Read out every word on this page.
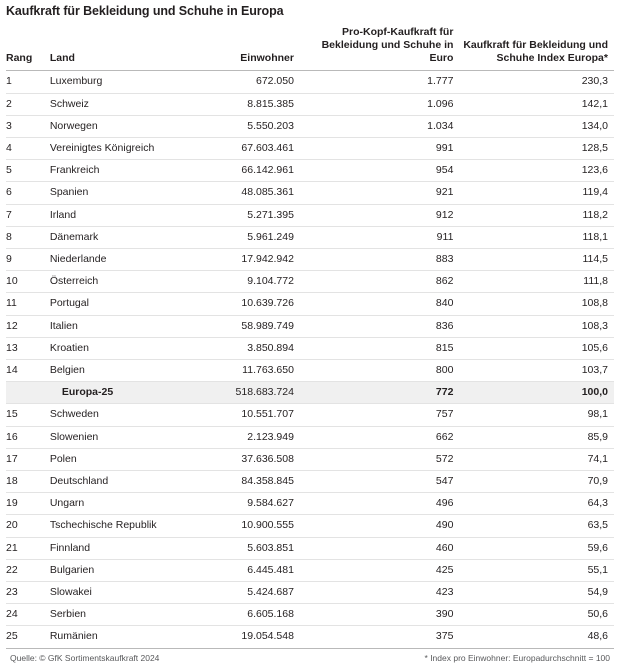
Kaufkraft für Bekleidung und Schuhe in Europa
Rang	Land	Einwohner	Pro-Kopf-Kaufkraft für Bekleidung und Schuhe in Euro	Kaufkraft für Bekleidung und Schuhe Index Europa*
1	Luxemburg	672.050	1.777	230,3
2	Schweiz	8.815.385	1.096	142,1
3	Norwegen	5.550.203	1.034	134,0
4	Vereinigtes Königreich	67.603.461	991	128,5
5	Frankreich	66.142.961	954	123,6
6	Spanien	48.085.361	921	119,4
7	Irland	5.271.395	912	118,2
8	Dänemark	5.961.249	911	118,1
9	Niederlande	17.942.942	883	114,5
10	Österreich	9.104.772	862	111,8
11	Portugal	10.639.726	840	108,8
12	Italien	58.989.749	836	108,3
13	Kroatien	3.850.894	815	105,6
14	Belgien	11.763.650	800	103,7
	Europa-25	518.683.724	772	100,0
15	Schweden	10.551.707	757	98,1
16	Slowenien	2.123.949	662	85,9
17	Polen	37.636.508	572	74,1
18	Deutschland	84.358.845	547	70,9
19	Ungarn	9.584.627	496	64,3
20	Tschechische Republik	10.900.555	490	63,5
21	Finnland	5.603.851	460	59,6
22	Bulgarien	6.445.481	425	55,1
23	Slowakei	5.424.687	423	54,9
24	Serbien	6.605.168	390	50,6
25	Rumänien	19.054.548	375	48,6
Quelle: © GfK Sortimentskaufkraft 2024	* Index pro Einwohner: Europadurchschnitt = 100
